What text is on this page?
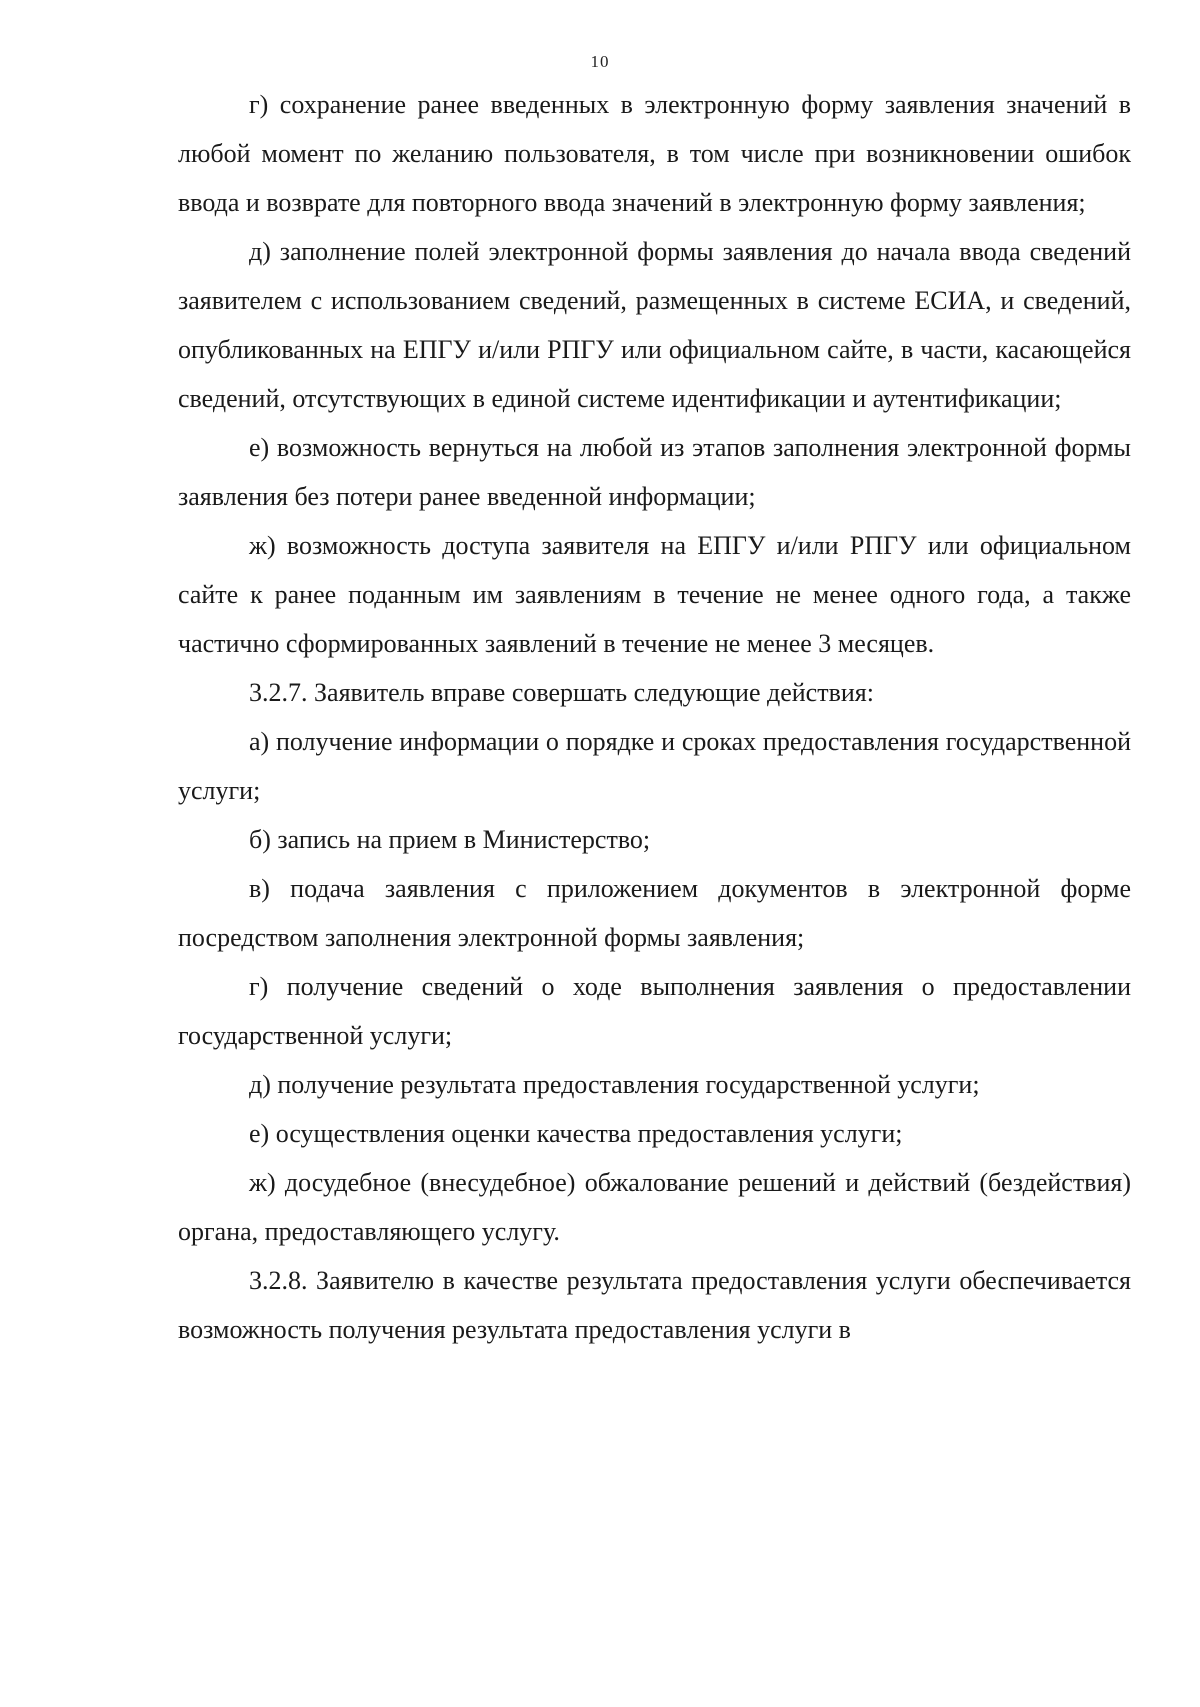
10

г) сохранение ранее введенных в электронную форму заявления значений в любой момент по желанию пользователя, в том числе при возникновении ошибок ввода и возврате для повторного ввода значений в электронную форму заявления;

д) заполнение полей электронной формы заявления до начала ввода сведений заявителем с использованием сведений, размещенных в системе ЕСИА, и сведений, опубликованных на ЕПГУ и/или РПГУ или официальном сайте, в части, касающейся сведений, отсутствующих в единой системе идентификации и аутентификации;

е) возможность вернуться на любой из этапов заполнения электронной формы заявления без потери ранее введенной информации;

ж) возможность доступа заявителя на ЕПГУ и/или РПГУ или официальном сайте к ранее поданным им заявлениям в течение не менее одного года, а также частично сформированных заявлений в течение не менее 3 месяцев.

3.2.7. Заявитель вправе совершать следующие действия:

а) получение информации о порядке и сроках предоставления государственной услуги;

б) запись на прием в Министерство;

в) подача заявления с приложением документов в электронной форме посредством заполнения электронной формы заявления;

г) получение сведений о ходе выполнения заявления о предоставлении государственной услуги;

д) получение результата предоставления государственной услуги;

е) осуществления оценки качества предоставления услуги;

ж) досудебное (внесудебное) обжалование решений и действий (бездействия) органа, предоставляющего услугу.

3.2.8. Заявителю в качестве результата предоставления услуги обеспечивается возможность получения результата предоставления услуги в
